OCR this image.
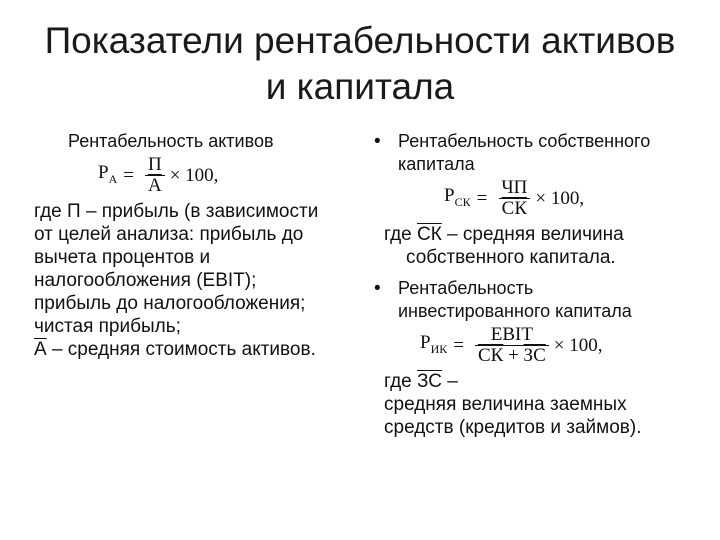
Показатели рентабельности активов
и капитала
Рентабельность активов
$Р_А = \frac{П}{А} \times 100$,

где П – прибыль (в зависимости

от целей анализа: прибыль до

вычета процентов и

налогообложения (EBIT);

прибыль до налогообложения;

чистая прибыль;

А – средняя стоимость активов.

• Рентабельность собственного
капитала
$Р_{СК} = \frac{ЧП}{СК} \times 100$,
где СК – средняя величина
собственного капитала.
• Рентабельность
инвестированного капитала
$Р_{ИК} = \frac{\text{EBIT}}{СК + ЗС} \times 100$,
где ЗС –
средняя величина заемных
средств (кредитов и займов).
